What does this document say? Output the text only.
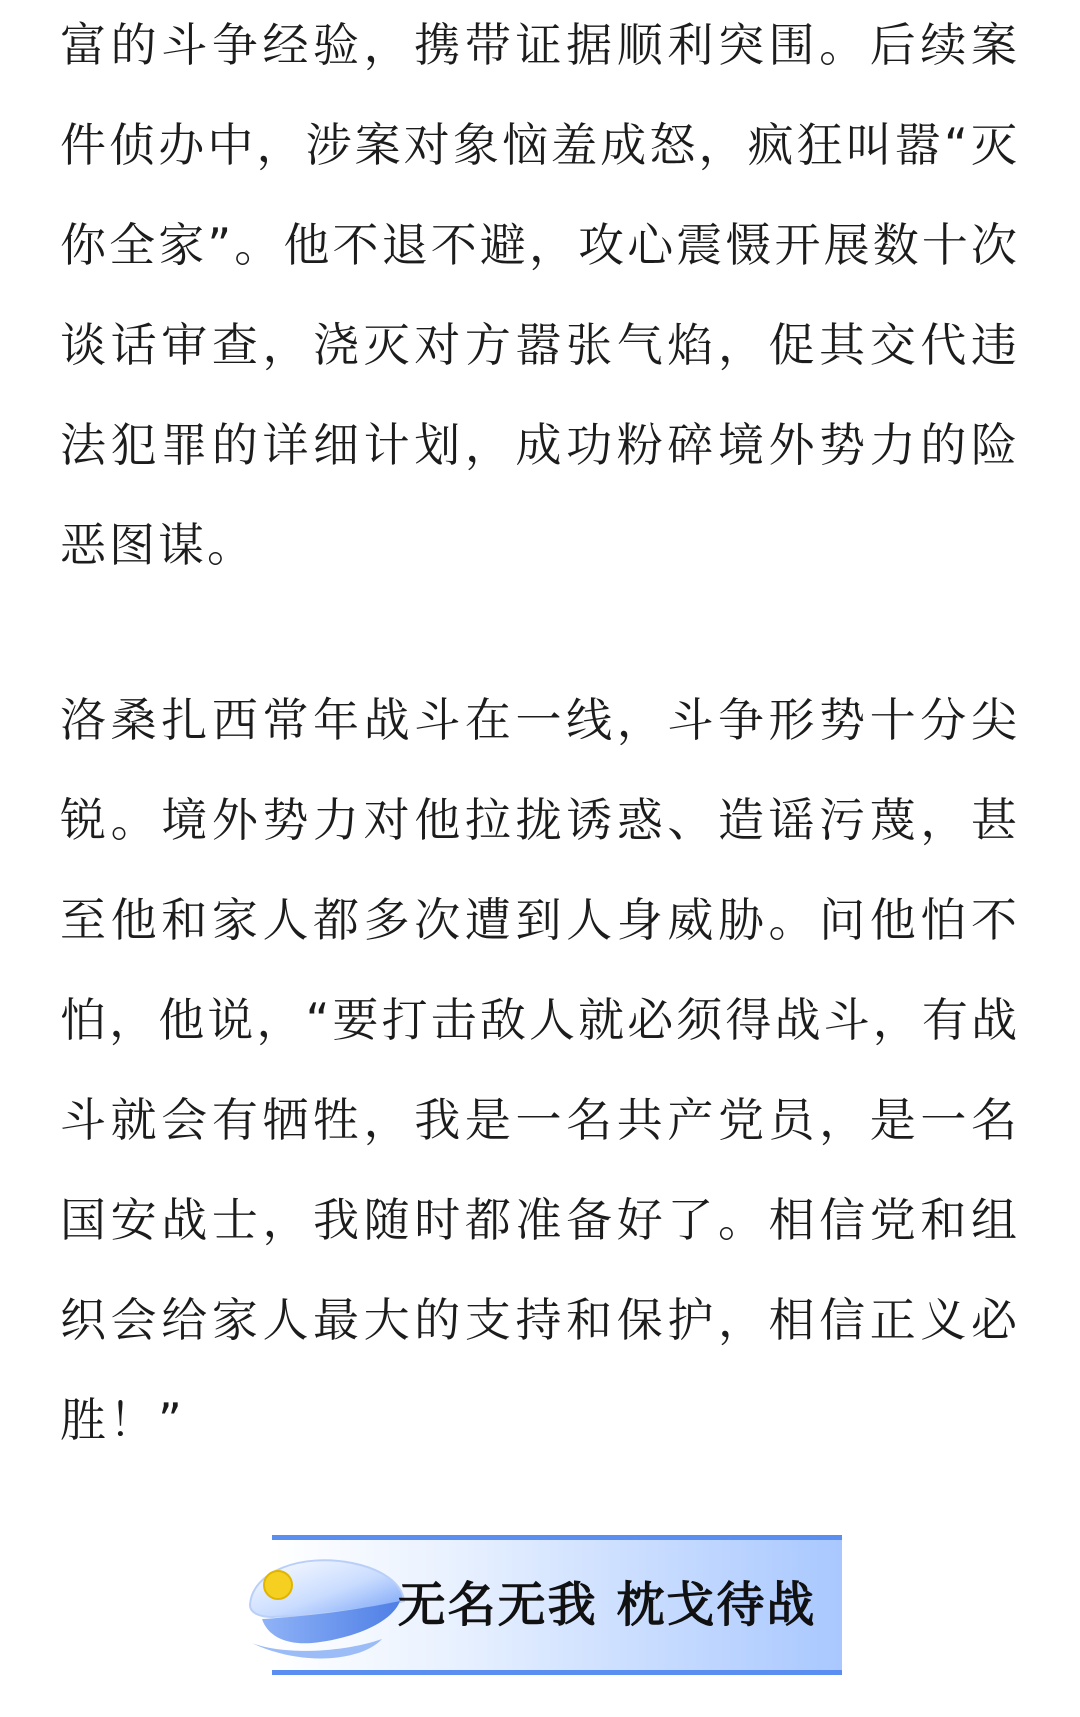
富的斗争经验，携带证据顺利突围。后续案件侦办中，涉案对象恼羞成怒，疯狂叫嚣“灭你全家”。他不退不避，攻心震慑开展数十次谈话审查，浇灭对方嚣张气焰，促其交代违法犯罪的详细计划，成功粉碎境外势力的险恶图谋。

洛桑扎西常年战斗在一线，斗争形势十分尖锐。境外势力对他拉拢诱惑、造谣污蔑，甚至他和家人都多次遭到人身威胁。问他怕不怕，他说，“要打击敌人就必须得战斗，有战斗就会有牺牲，我是一名共产党员，是一名国安战士，我随时都准备好了。相信党和组织会给家人最大的支持和保护，相信正义必胜！”

无名无我 枕戈待战
